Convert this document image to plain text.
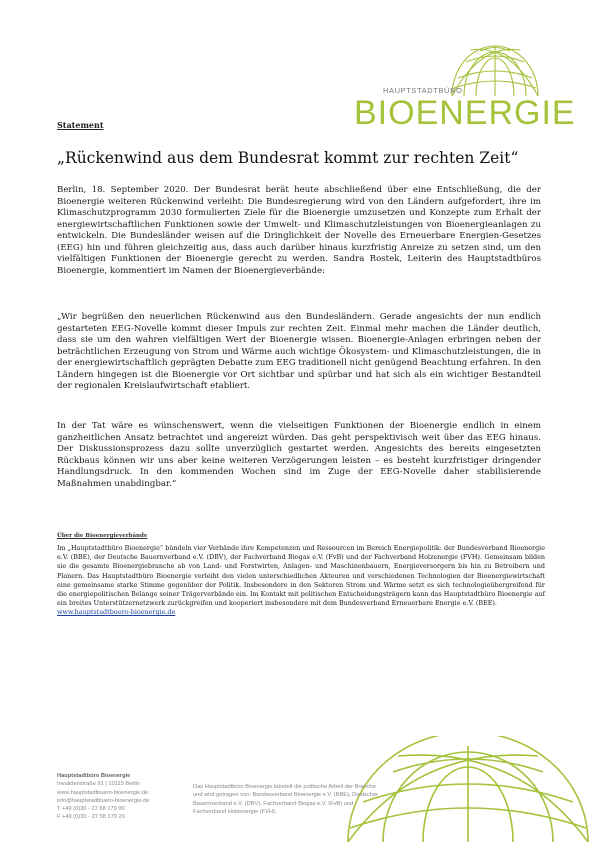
HAUPTSTADTBÜRO
BIOENERGIE
Statement
„Rückenwind aus dem Bundesrat kommt zur rechten Zeit“
Berlin, 18. September 2020. Der Bundesrat berät heute abschließend über eine Entschließung, die der Bioenergie weiteren Rückenwind verleiht: Die Bundesregierung wird von den Ländern aufgefordert, ihre im Klimaschutzprogramm 2030 formulierten Ziele für die Bioenergie umzusetzen und Konzepte zum Erhalt der energiewirtschaftlichen Funktionen sowie der Umwelt- und Klimaschutzleistungen von Bioenergieanlagen zu entwickeln. Die Bundesländer weisen auf die Dringlichkeit der Novelle des Erneuerbare Energien-Gesetzes (EEG) hin und führen gleichzeitig aus, dass auch darüber hinaus kurzfristig Anreize zu setzen sind, um den vielfältigen Funktionen der Bioenergie gerecht zu werden. Sandra Rostek, Leiterin des Hauptstadtbüros Bioenergie, kommentiert im Namen der Bioenergieverbände:
„Wir begrüßen den neuerlichen Rückenwind aus den Bundesländern. Gerade angesichts der nun endlich gestarteten EEG-Novelle kommt dieser Impuls zur rechten Zeit. Einmal mehr machen die Länder deutlich, dass sie um den wahren vielfältigen Wert der Bioenergie wissen. Bioenergie-Anlagen erbringen neben der beträchtlichen Erzeugung von Strom und Wärme auch wichtige Ökosystem- und Klimaschutzleistungen, die in der energiewirtschaftlich geprägten Debatte zum EEG traditionell nicht genügend Beachtung erfahren. In den Ländern hingegen ist die Bioenergie vor Ort sichtbar und spürbar und hat sich als ein wichtiger Bestandteil der regionalen Kreislaufwirtschaft etabliert.
In der Tat wäre es wünschenswert, wenn die vielseitigen Funktionen der Bioenergie endlich in einem ganzheitlichen Ansatz betrachtet und angereizt würden. Das geht perspektivisch weit über das EEG hinaus. Der Diskussionsprozess dazu sollte unverzüglich gestartet werden. Angesichts des bereits eingesetzten Rückbaus können wir uns aber keine weiteren Verzögerungen leisten – es besteht kurzfristiger dringender Handlungsdruck. In den kommenden Wochen sind im Zuge der EEG-Novelle daher stabilisierende Maßnahmen unabdingbar.“
Über die Bioenergieverbände
Im „Hauptstadtbüro Bioenergie“ bündeln vier Verbände ihre Kompetenzen und Ressourcen im Bereich Energiepolitik: der Bundesverband Bioenergie e.V. (BBE), der Deutsche Bauernverband e.V. (DBV), der Fachverband Biogas e.V. (FvB) und der Fachverband Holzenergie (FVH). Gemeinsam bilden sie die gesamte Bioenergiebranche ab von Land- und Forstwirten, Anlagen- und Maschinenbauern, Energieversorgern bis hin zu Betreibern und Planern. Das Hauptstadtbüro Bioenergie verleiht den vielen unterschiedlichen Akteuren und verschiedenen Technologien der Bioenergiewirtschaft eine gemeinsame starke Stimme gegenüber der Politik. Insbesondere in den Sektoren Strom und Wärme setzt es sich technologieübergreifend für die energiepolitischen Belange seiner Trägerverbände ein. Im Kontakt mit politischen Entscheidungsträgern kann das Hauptstadtbüro Bioenergie auf ein breites Unterstützernetzwerk zurückgreifen und kooperiert insbesondere mit dem Bundesverband Erneuerbare Energie e.V. (BEE).
www.hauptstadtbuero-bioenergie.de
Hauptstadtbüro Bioenergie
Invalidenstraße 91 | 10115 Berlin
www.hauptstadtbuero-bioenergie.de
info@hauptstadtbuero-bioenergie.de
T +49 (0)30 - 27 58 179 00
F +49 (0)30 - 27 58 179 29
Das Hauptstadtbüro Bioenergie bündelt die politische Arbeit der Branche und wird getragen von: Bundesverband Bioenergie e.V. (BBE), Deutscher Bauernverband e.V. (DBV), Fachverband Biogas e.V. (FvB) und Fachverband Holzenergie (FVH).
